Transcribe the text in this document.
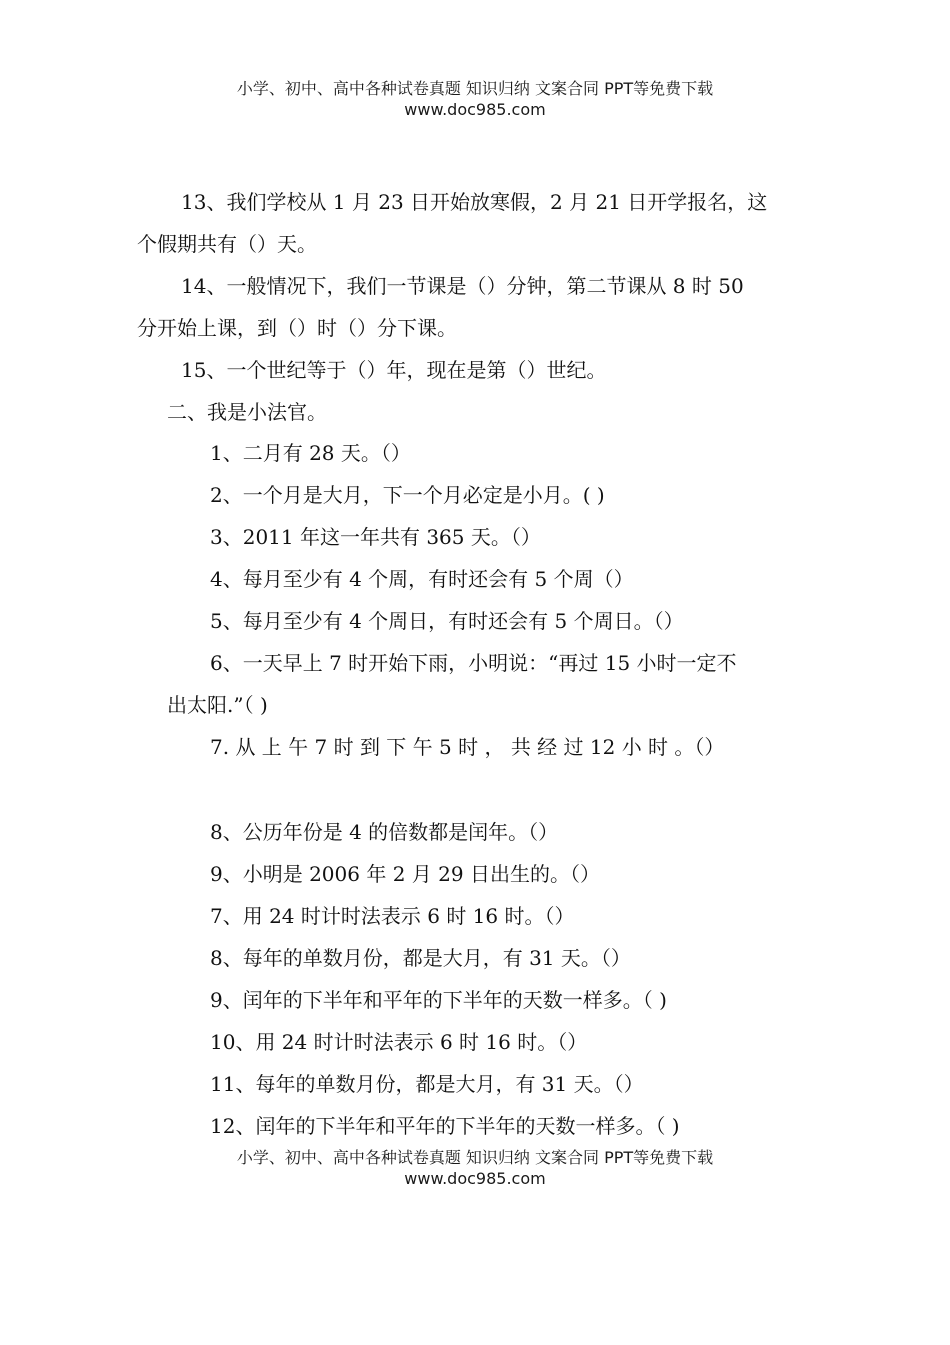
小学、初中、高中各种试卷真题 知识归纳 文案合同 PPT等免费下载
www.doc985.com
13、我们学校从 1 月 23 日开始放寒假，2 月 21 日开学报名，这
个假期共有（）天。
14、一般情况下，我们一节课是（）分钟，第二节课从 8 时 50
分开始上课，到（）时（）分下课。
15、一个世纪等于（）年，现在是第（）世纪。
二、我是小法官。
1、二月有 28 天。（）
2、一个月是大月，下一个月必定是小月。( )
3、2011 年这一年共有 365 天。（）
4、每月至少有 4 个周，有时还会有 5 个周（）
5、每月至少有 4 个周日，有时还会有 5 个周日。（）
6、一天早上 7 时开始下雨，小明说：“再过 15 小时一定不
出太阳.”（ )
7. 从 上 午 7 时 到 下 午 5 时 ， 共 经 过 12 小 时 。（）
8、公历年份是 4 的倍数都是闰年。（）
9、小明是 2006 年 2 月 29 日出生的。（）
7、用 24 时计时法表示 6 时 16 时。（）
8、每年的单数月份，都是大月，有 31 天。（）
9、闰年的下半年和平年的下半年的天数一样多。（ )
10、用 24 时计时法表示 6 时 16 时。（）
11、每年的单数月份，都是大月，有 31 天。（）
12、闰年的下半年和平年的下半年的天数一样多。（ )
小学、初中、高中各种试卷真题 知识归纳 文案合同 PPT等免费下载
www.doc985.com
